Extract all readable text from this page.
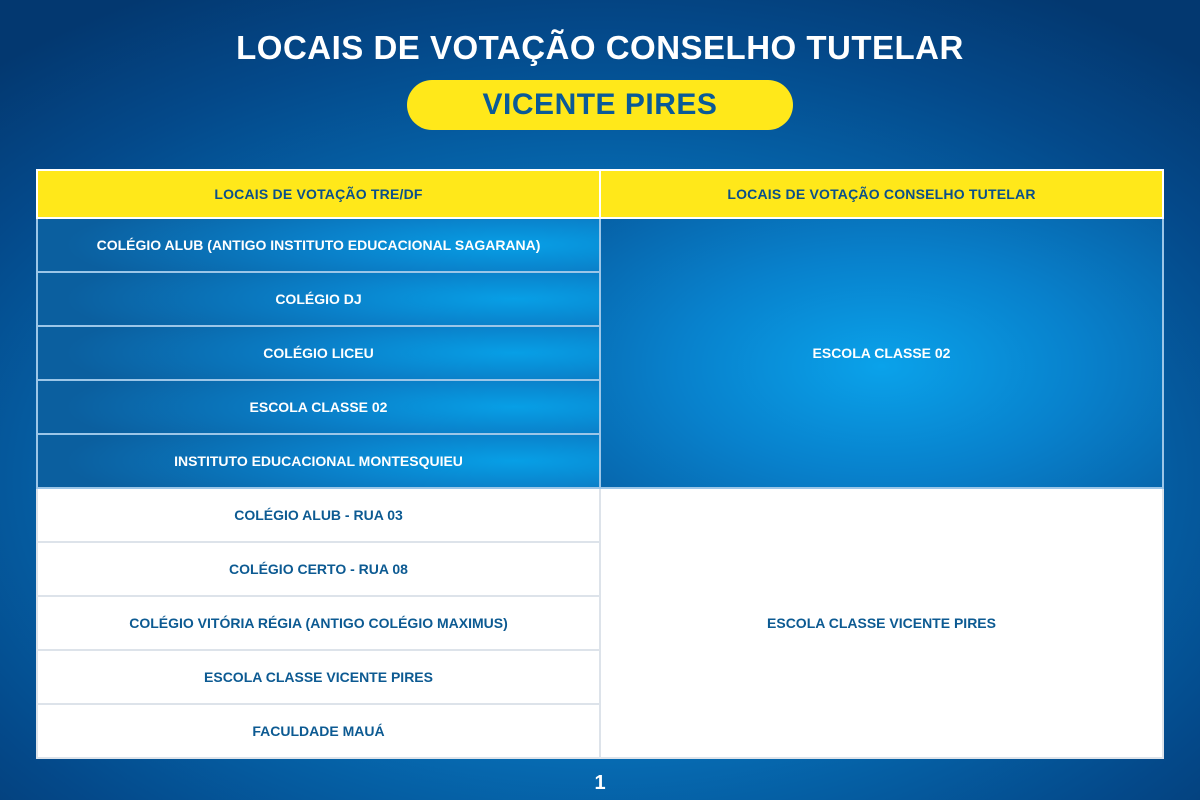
LOCAIS DE VOTAÇÃO CONSELHO TUTELAR
VICENTE PIRES
LOCAIS DE VOTAÇÃO TRE/DF	LOCAIS DE VOTAÇÃO CONSELHO TUTELAR
COLÉGIO ALUB (ANTIGO INSTITUTO EDUCACIONAL SAGARANA)	ESCOLA CLASSE 02
COLÉGIO DJ	
COLÉGIO LICEU	
ESCOLA CLASSE 02	
INSTITUTO EDUCACIONAL MONTESQUIEU	
COLÉGIO ALUB - RUA 03	ESCOLA CLASSE VICENTE PIRES
COLÉGIO CERTO - RUA 08	
COLÉGIO VITÓRIA RÉGIA (ANTIGO COLÉGIO MAXIMUS)	
ESCOLA CLASSE VICENTE PIRES	
FACULDADE MAUÁ	
1
